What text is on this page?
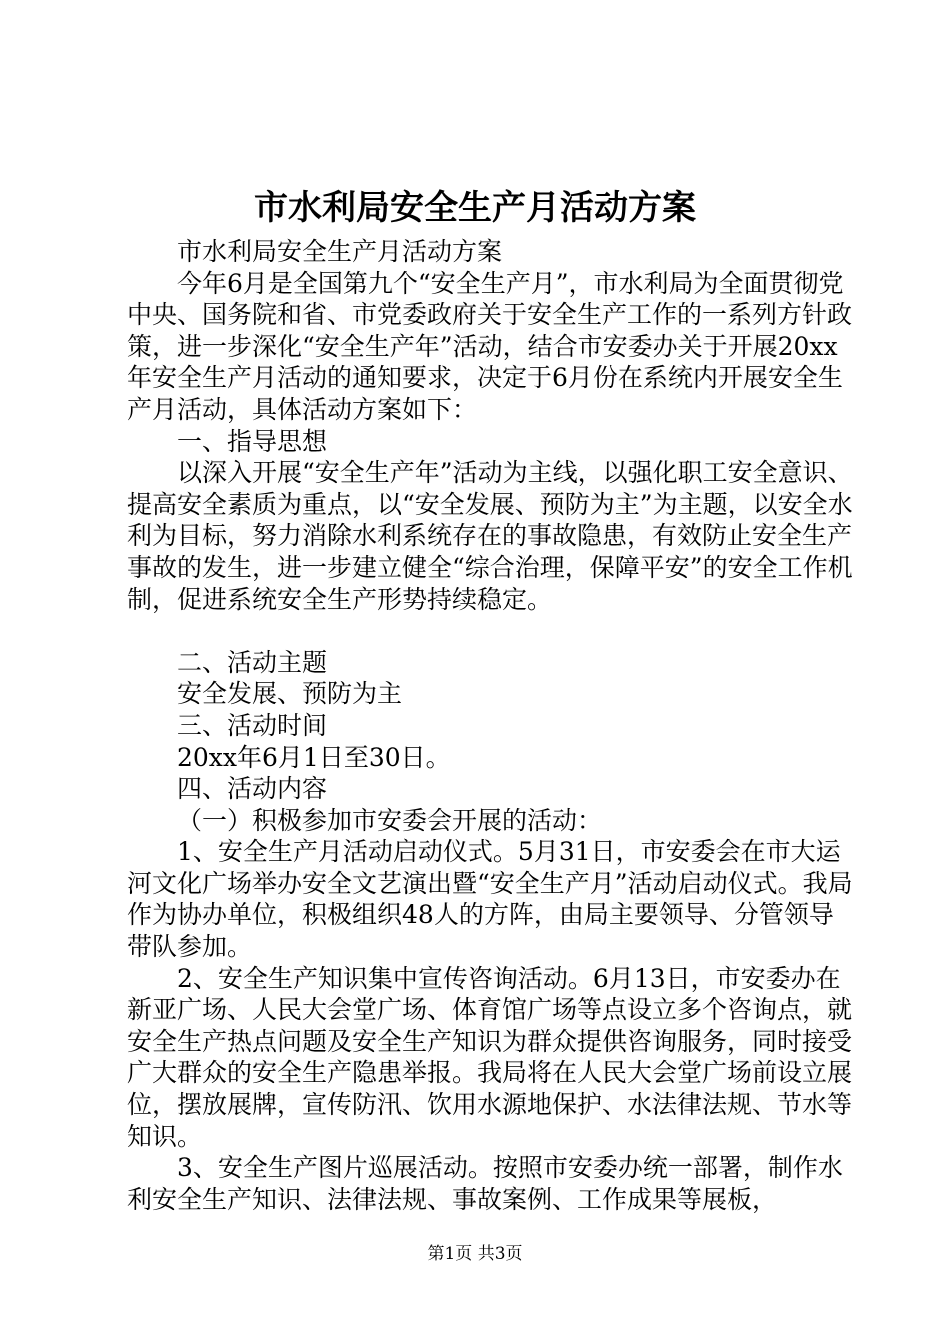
市水利局安全生产月活动方案

市水利局安全生产月活动方案

今年6月是全国第九个“安全生产月”，市水利局为全面贯彻党中央、国务院和省、市党委政府关于安全生产工作的一系列方针政策，进一步深化“安全生产年”活动，结合市安委办关于开展20xx年安全生产月活动的通知要求，决定于6月份在系统内开展安全生产月活动，具体活动方案如下：

一、指导思想

以深入开展“安全生产年”活动为主线，以强化职工安全意识、提高安全素质为重点，以“安全发展、预防为主”为主题，以安全水利为目标，努力消除水利系统存在的事故隐患，有效防止安全生产事故的发生，进一步建立健全“综合治理，保障平安”的安全工作机制，促进系统安全生产形势持续稳定。

二、活动主题

安全发展、预防为主

三、活动时间

20xx年6月1日至30日。

四、活动内容

（一）积极参加市安委会开展的活动：

1、安全生产月活动启动仪式。5月31日，市安委会在市大运河文化广场举办安全文艺演出暨“安全生产月”活动启动仪式。我局作为协办单位，积极组织48人的方阵，由局主要领导、分管领导带队参加。

2、安全生产知识集中宣传咨询活动。6月13日，市安委办在新亚广场、人民大会堂广场、体育馆广场等点设立多个咨询点，就安全生产热点问题及安全生产知识为群众提供咨询服务，同时接受广大群众的安全生产隐患举报。我局将在人民大会堂广场前设立展位，摆放展牌，宣传防汛、饮用水源地保护、水法律法规、节水等知识。

3、安全生产图片巡展活动。按照市安委办统一部署，制作水利安全生产知识、法律法规、事故案例、工作成果等展板，

第1页 共3页
